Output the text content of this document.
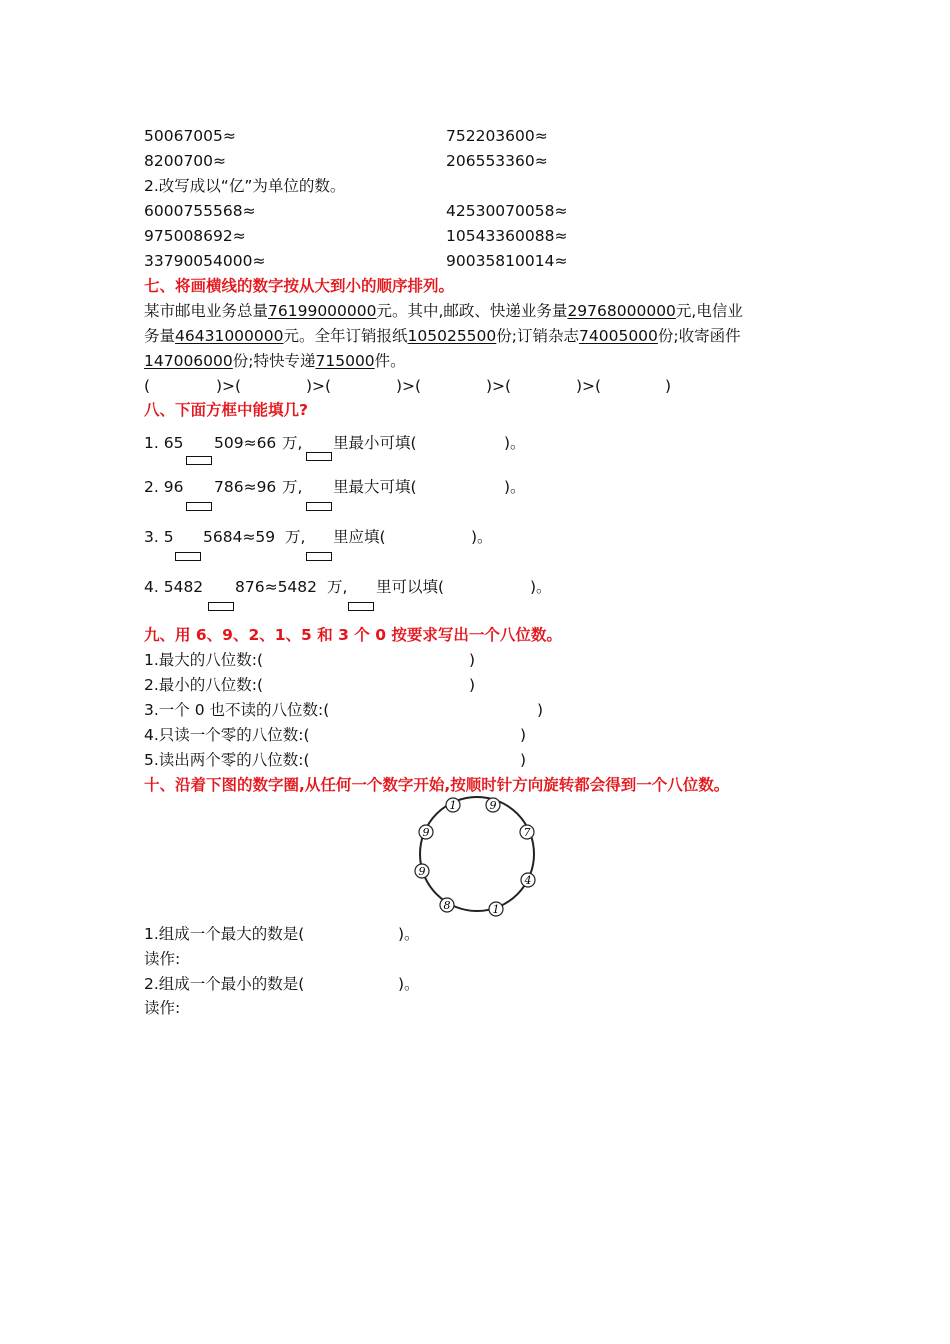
50067005≈	752203600≈
8200700≈	206553360≈
2.改写成以“亿”为单位的数。
6000755568≈	42530070058≈
975008692≈	10543360088≈
33790054000≈	90035810014≈
七、将画横线的数字按从大到小的顺序排列。
某市邮电业务总量76199000000元。其中,邮政、快递业务量29768000000元,电信业
务量46431000000元。全年订销报纸105025500份;订销杂志74005000份;收寄函件
147006000份;特快专递715000件。
(	)>(	)>(	)>(	)>(	)>(	)
八、下面方框中能填几?
1. 65 509≈66 万, 里最小可填(	)。
2. 96 786≈96 万, 里最大可填(	)。
3. 5 5684≈59 万, 里应填(	)。
4. 5482 876≈5482 万, 里可以填(	)。
九、用 6、9、2、1、5 和 3 个 0 按要求写出一个八位数。
1.最大的八位数:(	)
2.最小的八位数:(	)
3.一个 0 也不读的八位数:(	)
4.只读一个零的八位数:(	)
5.读出两个零的八位数:(	)
十、沿着下图的数字圈,从任何一个数字开始,按顺时针方向旋转都会得到一个八位数。
1	9
7
4
1
8
9
9
1.组成一个最大的数是(	)。
读作:
2.组成一个最小的数是(	)。
读作:
